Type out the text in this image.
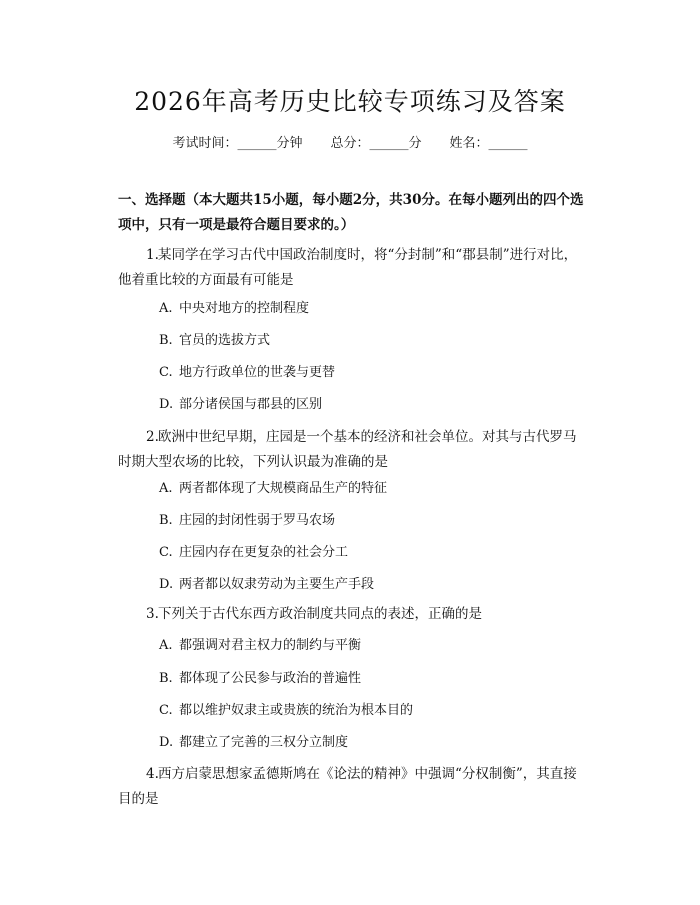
2026年高考历史比较专项练习及答案
考试时间：______分钟 总分：______分 姓名：______
一、选择题（本大题共15小题，每小题2分，共30分。在每小题列出的四个选项中，只有一项是最符合题目要求的。）
1.某同学在学习古代中国政治制度时，将“分封制”和“郡县制”进行对比，他着重比较的方面最有可能是
A. 中央对地方的控制程度
B. 官员的选拔方式
C. 地方行政单位的世袭与更替
D. 部分诸侯国与郡县的区别
2.欧洲中世纪早期，庄园是一个基本的经济和社会单位。对其与古代罗马时期大型农场的比较，下列认识最为准确的是
A. 两者都体现了大规模商品生产的特征
B. 庄园的封闭性弱于罗马农场
C. 庄园内存在更复杂的社会分工
D. 两者都以奴隶劳动为主要生产手段
3.下列关于古代东西方政治制度共同点的表述，正确的是
A. 都强调对君主权力的制约与平衡
B. 都体现了公民参与政治的普遍性
C. 都以维护奴隶主或贵族的统治为根本目的
D. 都建立了完善的三权分立制度
4.西方启蒙思想家孟德斯鸠在《论法的精神》中强调“分权制衡”，其直接目的是
